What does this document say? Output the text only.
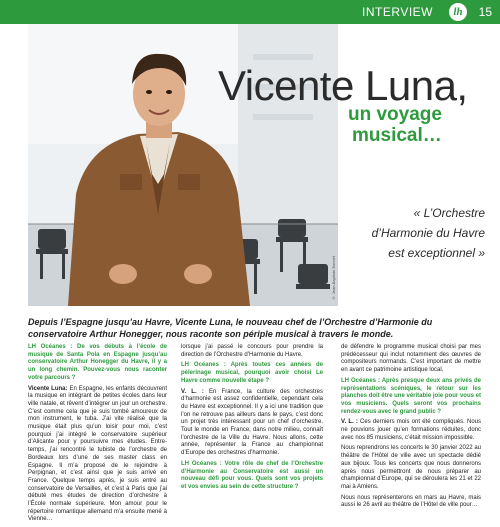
INTERVIEW	lh	15
© Jean-Baptiste Bonnet
Vicente Luna,
un voyage
musical…
« L’Orchestre
d’Harmonie du Havre
est exceptionnel »
Depuis l’Espagne jusqu’au Havre, Vicente Luna, le nouveau chef de l’Orchestre d’Harmonie du conservatoire Arthur Honegger, nous raconte son périple musical à travers le monde.

LH Océanes : De vos débuts à l’école de musique de Santa Pola en Espagne jusqu’au conservatoire Arthur Honegger du Havre, il y a un long chemin. Pouvez-vous nous raconter votre parcours ?

Vicente Luna: En Espagne, les enfants découvrent la musique en intégrant de petites écoles dans leur ville natale, et rêvent d’intégrer un jour un orchestre. C’est comme cela que je suis tombé amoureux de mon instrument, le tuba. J’ai vite réalisé que la musique était plus qu’un loisir pour moi, c’est pourquoi j’ai intégré le conservatoire supérieur d’Alicante pour y poursuivre mes études. Entre-temps, j’ai rencontré le tubiste de l’orchestre de Bordeaux lors d’une de ses master class en Espagne. Il m’a proposé de le rejoindre à Perpignan, et c’est ainsi que je suis arrivé en France. Quelque temps après, je suis entré au conservatoire de Versailles, et c’est à Paris que j’ai débuté mes études de direction d’orchestre à l’École normale supérieure. Mon amour pour le répertoire romantique allemand m’a ensuite mené à Vienne…

lorsque j’ai passé le concours pour prendre la direction de l’Orchestre d’Harmonie du Havre.

LH Océanes : Après toutes ces années de pèlerinage musical, pourquoi avoir choisi Le Havre comme nouvelle étape ?

V. L. : En France, la culture des orchestres d’harmonie est assez confidentielle, cependant cela du Havre est exceptionnel. Il y a ici une tradition que l’on ne retrouve pas ailleurs dans le pays, c’est donc un projet très intéressant pour un chef d’orchestre. Tout le monde en France, dans notre milieu, connaît l’orchestre de la Ville du Havre. Nous allons, cette année, représenter la France au championnat d’Europe des orchestres d’harmonie.

LH Océanes : Votre rôle de chef de l’Orchestre d’Harmonie au Conservatoire est aussi un nouveau défi pour vous. Quels sont vos projets et vos envies au sein de cette structure ?

de défendre le programme musical choisi par mes prédécesseur qui inclut notamment des œuvres de compositeurs normands. C’est important de mettre en avant ce patrimoine artistique local.

LH Océanes : Après presque deux ans privés de représentations scéniques, le retour sur les planches doit être une véritable joie pour vous et vos musiciens. Quels seront vos prochains rendez-vous avec le grand public ?

V. L. : Ces derniers mois ont été compliqués. Nous ne pouvions jouer qu’en formations réduites, donc avec nos 85 musiciens, c’était mission impossible.

Nous reprendrons les concerts le 30 janvier 2022 au théâtre de l’Hôtel de ville avec un spectacle dédié aux bijoux. Tous les concerts que nous donnerons après nous permettront de nous préparer au championnat d’Europe, qui se déroulera les 21 et 22 mai à Amiens.

Nous nous représenterons en mars au Havre, mais aussi le 26 avril au théâtre de l’Hôtel de ville pour…
